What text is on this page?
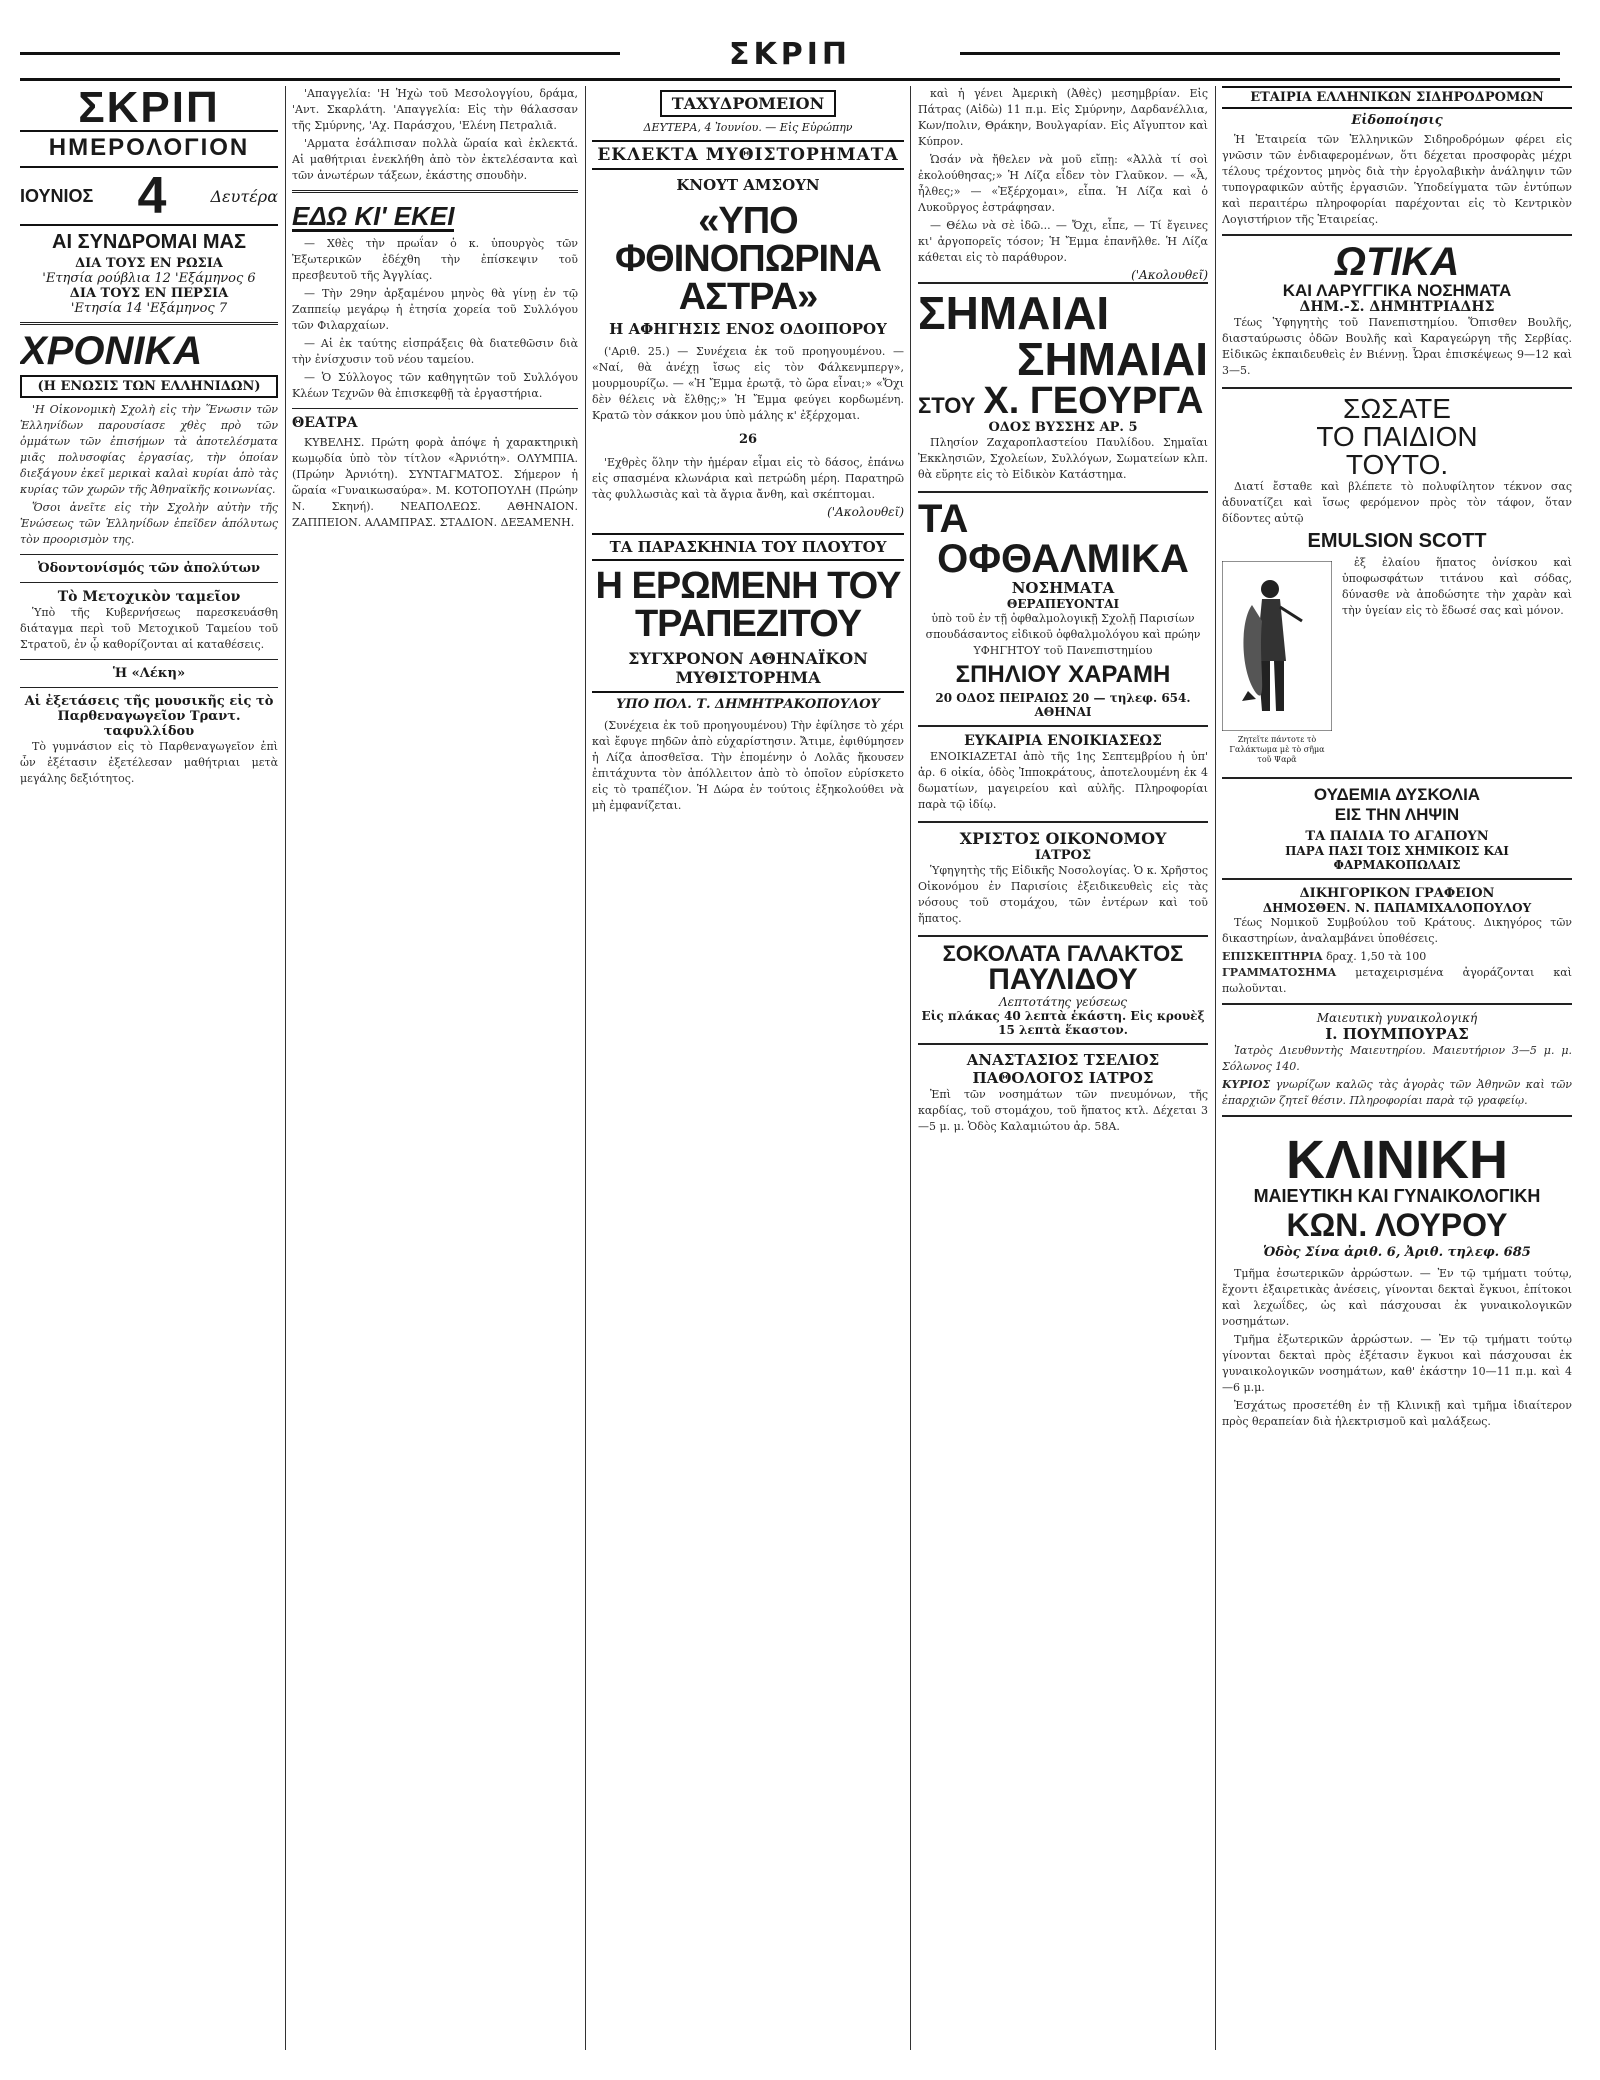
ΣΚΡΙΠ
ΣΚΡΙΠ
ΗΜΕΡΟΛΟΓΙΟΝ
ΙΟΥΝΙΟΣ 4	Δευτέρα
ΑΙ ΣΥΝΔΡΟΜΑΙ ΜΑΣ
ΔΙΑ ΤΟΥΣ ΕΝ ΡΩΣΙΑ
'Ετησία ρούβλια 12 'Εξάμηνος 6
ΔΙΑ ΤΟΥΣ ΕΝ ΠΕΡΣΙΑ
'Ετησία 14 'Εξάμηνος 7
ΧΡΟΝΙΚΑ
(Η ΕΝΩΣΙΣ ΤΩΝ ΕΛΛΗΝΙΔΩΝ)

'Η Οἰκονομικὴ Σχολὴ εἰς τὴν Ἕνωσιν τῶν Ἑλληνίδων παρουσίασε χθὲς πρὸ τῶν ὀμμάτων τῶν ἐπισήμων τὰ ἀποτελέσματα μιᾶς πολυσοφίας ἐργασίας, τὴν ὁποίαν διεξάγουν ἐκεῖ μερικαὶ καλαὶ κυρίαι ἀπὸ τὰς κυρίας τῶν χωρῶν τῆς Ἀθηναϊκῆς κοινωνίας.

Ὅσοι ἀνεῖτε εἰς τὴν Σχολὴν αὐτὴν τῆς Ἑνώσεως τῶν Ἑλληνίδων ἐπεῖδεν ἀπόλυτως τὸν προορισμὸν της.

Ὀδοντονίσμός τῶν ἀπολύτων
Τὸ Μετοχικὸν ταμεῖον

Ὑπὸ τῆς Κυβερνήσεως παρεσκευάσθη διάταγμα περὶ τοῦ Μετοχικοῦ Ταμείου τοῦ Στρατοῦ, ἐν ᾧ καθορίζονται αἱ καταθέσεις.

Ἡ «Λέκη»
Αἱ ἐξετάσεις τῆς μουσικῆς εἰς τὸ Παρθεναγωγεῖον Τραντ. ταφυλλίδου

Τὸ γυμνάσιον εἰς τὸ Παρθεναγωγεῖον ἐπὶ ὧν ἐξέτασιν ἐξετέλεσαν μαθήτριαι μετὰ μεγάλης δεξιότητος.

'Απαγγελία: 'Η Ἡχὼ τοῦ Μεσολογγίου, δράμα, 'Αντ. Σκαρλάτη. 'Απαγγελία: Εἰς τὴν θάλασσαν τῆς Σμύρνης, 'Αχ. Παράσχου, 'Ελένη Πετραλιᾶ.

'Αρματα ἐσάλπισαν πολλὰ ὥραία καὶ ἐκλεκτά. Αἱ μαθήτριαι ἐνεκλήθη ἀπὸ τὸν ἐκτελέσαντα καὶ τῶν ἀνωτέρων τάξεων, ἑκάστης σπουδὴν.

ΕΔΩ ΚΙ' ΕΚΕΙ

— Χθὲς τὴν πρωΐαν ὁ κ. ὑπουργὸς τῶν Ἐξωτερικῶν ἐδέχθη τὴν ἐπίσκεψιν τοῦ πρεσβευτοῦ τῆς Ἀγγλίας.

— Τὴν 29ην ἀρξαμένου μηνὸς θὰ γίνῃ ἐν τῷ Ζαππείῳ μεγάρῳ ἡ ἐτησία χορεία τοῦ Συλλόγου τῶν Φιλαρχαίων.

— Αἱ ἐκ ταύτης εἰσπράξεις θὰ διατεθῶσιν διὰ τὴν ἐνίσχυσιν τοῦ νέου ταμείου.

— Ὁ Σύλλογος τῶν καθηγητῶν τοῦ Συλλόγου Κλέων Τεχνῶν θὰ ἐπισκεφθῇ τὰ ἐργαστήρια.

ΘΕΑΤΡΑ

ΚΥΒΕΛΗΣ. Πρώτη φορὰ ἀπόψε ἡ χαρακτηρικὴ κωμῳδία ὑπὸ τὸν τίτλον «Ἀρνιότη». ΟΛΥΜΠΙΑ. (Πρώην Ἀρνιότη). ΣΥΝΤΑΓΜΑΤΟΣ. Σήμερον ἡ ὥραία «Γυναικωσαύρα». Μ. ΚΟΤΟΠΟΥΛΗ (Πρώην Ν. Σκηνή). ΝΕΑΠΟΛΕΩΣ. ΑΘΗΝΑΙΟΝ. ΖΑΠΠΕΙΟΝ. ΑΛΑΜΠΡΑΣ. ΣΤΑΔΙΟΝ. ΔΕΞΑΜΕΝΗ.

ΤΑΧΥΔΡΟΜΕΙΟΝ
ΔΕΥΤΕΡΑ, 4 Ἰουνίου. — Εἰς Εὐρώπην
ΕΚΛΕΚΤΑ ΜΥΘΙΣΤΟΡΗΜΑΤΑ
ΚΝΟΥΤ ΑΜΣΟΥΝ
«ΥΠΟ ΦΘΙΝΟΠΩΡΙΝΑ ΑΣΤΡΑ»
Η ΑΦΗΓΗΣΙΣ ΕΝΟΣ ΟΔΟΙΠΟΡΟΥ

('Αριθ. 25.) — Συνέχεια ἐκ τοῦ προηγουμένου. — «Ναί, θὰ ἀνέχῃ ἴσως εἰς τὸν Φάλκενμπεργ», μουρμουρίζω. — «Ἡ Ἔμμα ἐρωτᾷ, τὸ ὥρα εἶναι;» «Ὄχι δὲν θέλεις νὰ ἔλθῃς;» Ἡ Ἔμμα φεύγει κορδωμένη. Κρατῶ τὸν σάκκον μου ὑπὸ μάλης κ' ἐξέρχομαι.

26

'Εχθρὲς ὅλην τὴν ἡμέραν εἶμαι εἰς τὸ δάσος, ἐπάνω εἰς σπασμένα κλωνάρια καὶ πετρώδη μέρη. Παρατηρῶ τὰς φυλλωσιὰς καὶ τὰ ἄγρια ἄνθη, καὶ σκέπτομαι.

('Ακολουθεῖ)
ΤΑ ΠΑΡΑΣΚΗΝΙΑ ΤΟΥ ΠΛΟΥΤΟΥ
Η ΕΡΩΜΕΝΗ ΤΟΥ ΤΡΑΠΕΖΙΤΟΥ
ΣΥΓΧΡΟΝΟΝ ΑΘΗΝΑΪΚΟΝ ΜΥΘΙΣΤΟΡΗΜΑ
ΥΠΟ ΠΟΛ. Τ. ΔΗΜΗΤΡΑΚΟΠΟΥΛΟΥ

(Συνέχεια ἐκ τοῦ προηγουμένου) Τὴν ἐφίλησε τὸ χέρι καὶ ἔφυγε πηδῶν ἀπὸ εὐχαρίστησιν. Ἄτιμε, ἐφιθύμησεν ἡ Λίζα ἀποσθεῖσα. Τὴν ἐπομένην ὁ Λολᾶς ἤκουσεν ἐπιτάχυντα τὸν ἀπόλλειτον ἀπὸ τὸ ὁποῖον εὐρίσκετο εἰς τὸ τραπέζιον. Ἡ Δώρα ἐν τούτοις ἐξηκολούθει νὰ μὴ ἐμφανίζεται.

καὶ ἡ γένει Ἀμερικὴ (Ἀθὲς) μεσημβρίαν. Εἰς Πάτρας (Αἰδὼ) 11 π.μ. Εἰς Σμύρνην, Δαρδανέλλια, Κων/πολιν, Θράκην, Βουλγαρίαν. Εἰς Αἴγυπτον καὶ Κύπρον.

Ὡσάν νὰ ἤθελεν νὰ μοῦ εἴπῃ: «Ἀλλὰ τί σοὶ ἐκολούθησας;» Ἡ Λίζα εἶδεν τὸν Γλαῦκον. — «Ἆ, ἦλθες;» — «Ἐξέρχομαι», εἶπα. Ἡ Λίζα καὶ ὁ Λυκοῦργος ἐστράφησαν.

— Θέλω νὰ σὲ ἰδῶ... — Ὄχι, εἶπε, — Τί ἔγεινες κι' ἀργοπορεῖς τόσον; Ἡ Ἔμμα ἐπανῆλθε. Ἡ Λίζα κάθεται εἰς τὸ παράθυρον.

('Ακολουθεῖ)
ΣΗΜΑΙΑΙ
ΣΗΜΑΙΑΙ
ΣΤΟΥ Χ. ΓΕΟΥΡΓΑ
ΟΔΟΣ ΒΥΣΣΗΣ ΑΡ. 5

Πλησίον Ζαχαροπλαστείου Παυλίδου. Σημαῖαι Ἐκκλησιῶν, Σχολείων, Συλλόγων, Σωματείων κλπ. θὰ εὕρητε εἰς τὸ Εἰδικὸν Κατάστημα.

ΤΑ
ΟΦΘΑΛΜΙΚΑ
ΝΟΣΗΜΑΤΑ
ΘΕΡΑΠΕΥΟΝΤΑΙ
ὑπὸ τοῦ ἐν τῇ ὀφθαλμολογικῇ Σχολῇ Παρισίων σπουδάσαντος εἰδικοῦ ὀφθαλμολόγου καὶ πρώην ΥΦΗΓΗΤΟΥ τοῦ Πανεπιστημίου
ΣΠΗΛΙΟΥ ΧΑΡΑΜΗ
20 ΟΔΟΣ ΠΕΙΡΑΙΩΣ 20 — τηλεφ. 654. ΑΘΗΝΑΙ
ΕΥΚΑΙΡΙΑ ΕΝΟΙΚΙΑΣΕΩΣ

ΕΝΟΙΚΙΑΖΕΤΑΙ ἀπὸ τῆς 1ης Σεπτεμβρίου ἡ ὑπ' ἀρ. 6 οἰκία, ὁδὸς Ἰπποκράτους, ἀποτελουμένη ἐκ 4 δωματίων, μαγειρείου καὶ αὐλῆς. Πληροφορίαι παρὰ τῷ ἰδίῳ.

ΧΡΙΣΤΟΣ ΟΙΚΟΝΟΜΟΥ
ΙΑΤΡΟΣ

Ὑφηγητὴς τῆς Εἰδικῆς Νοσολογίας. Ὁ κ. Χρῆστος Οἰκονόμου ἐν Παρισίοις ἐξειδικευθεὶς εἰς τὰς νόσους τοῦ στομάχου, τῶν ἐντέρων καὶ τοῦ ἥπατος.

ΣΟΚΟΛΑΤΑ ΓΑΛΑΚΤΟΣ
ΠΑΥΛΙΔΟΥ
Λεπτοτάτης γεύσεως
Εἰς πλάκας 40 λεπτὰ ἑκάστη. Εἰς κρουὲξ 15 λεπτὰ ἕκαστον.
ΑΝΑΣΤΑΣΙΟΣ ΤΣΕΛΙΟΣ
ΠΑΘΟΛΟΓΟΣ ΙΑΤΡΟΣ

Ἐπὶ τῶν νοσημάτων τῶν πνευμόνων, τῆς καρδίας, τοῦ στομάχου, τοῦ ἥπατος κτλ. Δέχεται 3—5 μ. μ. Ὁδὸς Καλαμιώτου ἀρ. 58Α.

ΕΤΑΙΡΙΑ ΕΛΛΗΝΙΚΩΝ ΣΙΔΗΡΟΔΡΟΜΩΝ
Εἰδοποίησις

Ἡ Ἑταιρεία τῶν Ἑλληνικῶν Σιδηροδρόμων φέρει εἰς γνῶσιν τῶν ἐνδιαφερομένων, ὅτι δέχεται προσφορὰς μέχρι τέλους τρέχοντος μηνὸς διὰ τὴν ἐργολαβικὴν ἀνάληψιν τῶν τυπογραφικῶν αὐτῆς ἐργασιῶν. Ὑποδείγματα τῶν ἐντύπων καὶ περαιτέρω πληροφορίαι παρέχονται εἰς τὸ Κεντρικὸν Λογιστήριον τῆς Ἑταιρείας.

ΩΤΙΚΑ
ΚΑΙ ΛΑΡΥΓΓΙΚΑ ΝΟΣΗΜΑΤΑ
ΔΗΜ.-Σ. ΔΗΜΗΤΡΙΑΔΗΣ

Τέως Ὑφηγητὴς τοῦ Πανεπιστημίου. Ὅπισθεν Βουλῆς, διασταύρωσις ὁδῶν Βουλῆς καὶ Καραγεώργη τῆς Σερβίας. Εἰδικῶς ἐκπαιδευθεὶς ἐν Βιέννῃ. Ὧραι ἐπισκέψεως 9—12 καὶ 3—5.

ΣΩΣΑΤΕ
ΤΟ ΠΑΙΔΙΟΝ
ΤΟΥΤΟ.

Διατί ἔσταθε καὶ βλέπετε τὸ πολυφίλητον τέκνον σας ἀδυνατίζει καὶ ἴσως φερόμενον πρὸς τὸν τάφον, ὅταν δίδοντες αὐτῷ

EMULSION SCOTT
Ζητεῖτε πάντοτε τὸ Γαλάκτωμα μὲ τὸ σῆμα τοῦ Ψαρᾶ

ἐξ ἐλαίου ἥπατος ὀνίσκου καὶ ὑποφωσφάτων τιτάνου καὶ σόδας, δύνασθε νὰ ἀποδώσητε τὴν χαρὰν καὶ τὴν ὑγείαν εἰς τὸ ἔδωσέ σας καὶ μόνον.

ΟΥΔΕΜΙΑ ΔΥΣΚΟΛΙΑ
ΕΙΣ ΤΗΝ ΛΗΨΙΝ
ΤΑ ΠΑΙΔΙΑ ΤΟ ΑΓΑΠΟΥΝ
ΠΑΡΑ ΠΑΣΙ ΤΟΙΣ ΧΗΜΙΚΟΙΣ ΚΑΙ ΦΑΡΜΑΚΟΠΩΛΑΙΣ
ΔΙΚΗΓΟΡΙΚΟΝ ΓΡΑΦΕΙΟΝ
ΔΗΜΟΣΘΕΝ. Ν. ΠΑΠΑΜΙΧΑΛΟΠΟΥΛΟΥ

Τέως Νομικοῦ Συμβούλου τοῦ Κράτους. Δικηγόρος τῶν δικαστηρίων, ἀναλαμβάνει ὑποθέσεις.

ΕΠΙΣΚΕΠΤΗΡΙΑ δραχ. 1,50 τὰ 100
ΓΡΑΜΜΑΤΟΣΗΜΑ μεταχειρισμένα ἀγοράζονται καὶ πωλοῦνται.
Μαιευτικὴ γυναικολογική
Ι. ΠΟΥΜΠΟΥΡΑΣ

Ἰατρὸς Διευθυντὴς Μαιευτηρίου. Μαιευτήριον 3—5 μ. μ. Σόλωνος 140.

ΚΥΡΙΟΣ γνωρίζων καλῶς τὰς ἀγορὰς τῶν Ἀθηνῶν καὶ τῶν ἐπαρχιῶν ζητεῖ θέσιν. Πληροφορίαι παρὰ τῷ γραφείῳ.
ΚΛΙΝΙΚΗ
ΜΑΙΕΥΤΙΚΗ ΚΑΙ ΓΥΝΑΙΚΟΛΟΓΙΚΗ
ΚΩΝ. ΛΟΥΡΟΥ
Ὁδὸς Σίνα ἀριθ. 6, Ἀριθ. τηλεφ. 685

Τμῆμα ἐσωτερικῶν ἀρρώστων. — Ἐν τῷ τμήματι τούτῳ, ἔχοντι ἐξαιρετικὰς ἀνέσεις, γίνονται δεκταὶ ἔγκυοι, ἐπίτοκοι καὶ λεχωΐδες, ὡς καὶ πάσχουσαι ἐκ γυναικολογικῶν νοσημάτων.

Τμῆμα ἐξωτερικῶν ἀρρώστων. — Ἐν τῷ τμήματι τούτῳ γίνονται δεκταὶ πρὸς ἐξέτασιν ἔγκυοι καὶ πάσχουσαι ἐκ γυναικολογικῶν νοσημάτων, καθ' ἑκάστην 10—11 π.μ. καὶ 4—6 μ.μ.

Ἐσχάτως προσετέθη ἐν τῇ Κλινικῇ καὶ τμῆμα ἰδιαίτερον πρὸς θεραπείαν διὰ ἠλεκτρισμοῦ καὶ μαλάξεως.
